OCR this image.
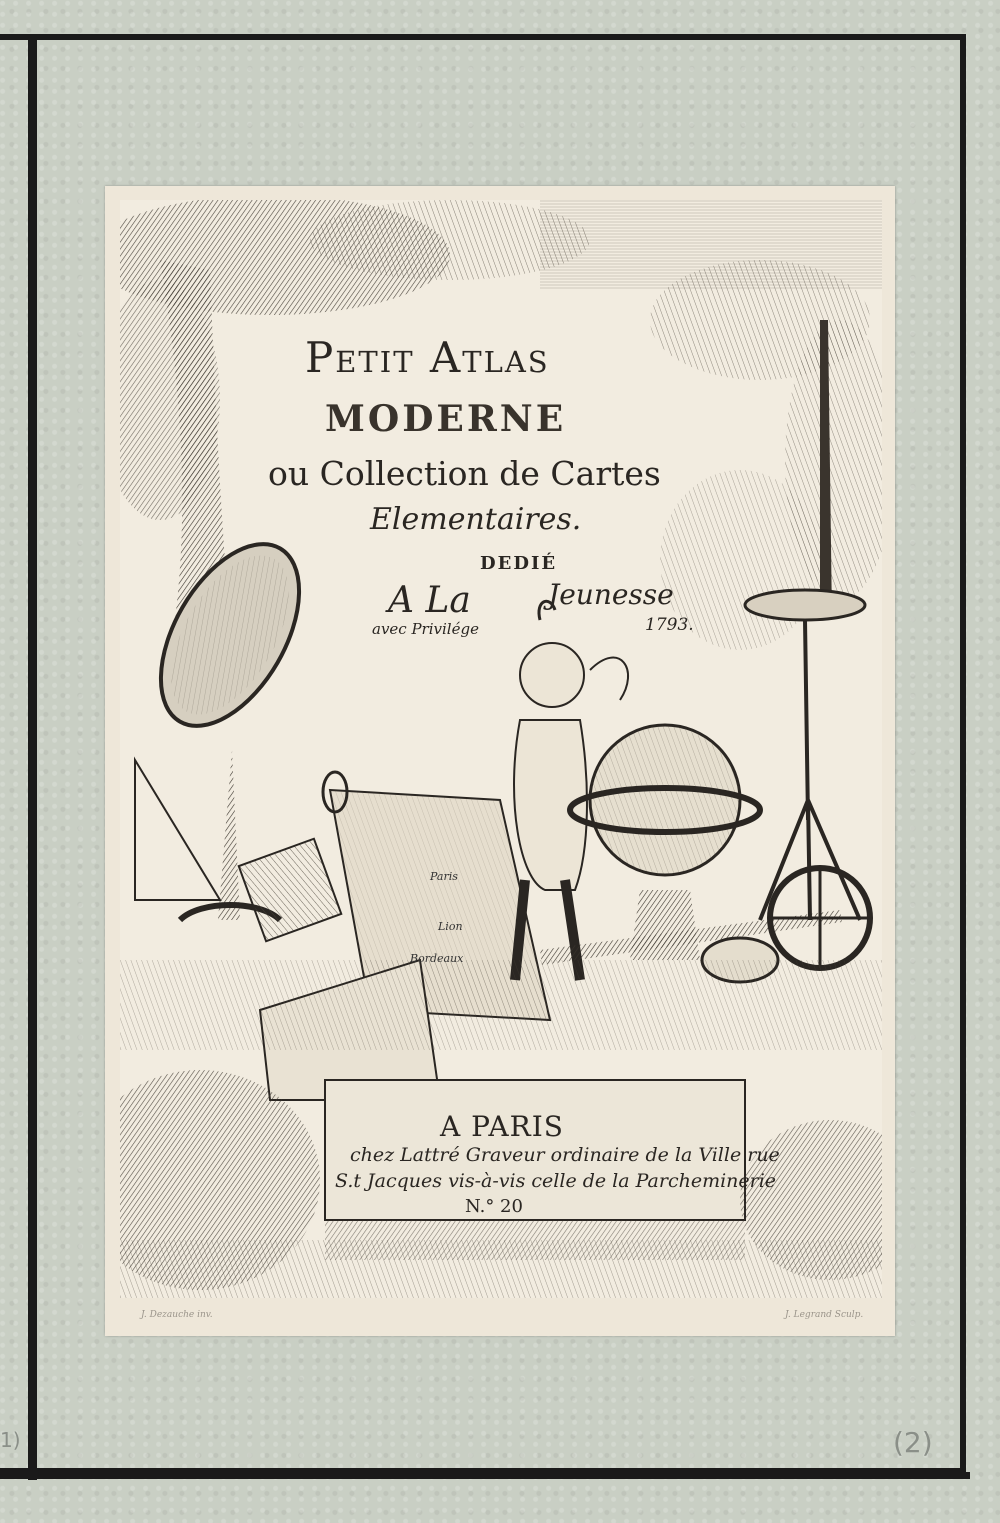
1)	(2)
Petit Atlas
MODERNE
ou Collection de Cartes
Elementaires.
DEDIÉ
A La	Jeunesse
avec Privilége	1793.
Paris
Lion
Bordeaux
A PARIS
chez Lattré Graveur ordinaire de la Ville rue
S.t Jacques vis-à-vis celle de la Parcheminerie
N.° 20
J. Dezauche inv.	J. Legrand Sculp.
